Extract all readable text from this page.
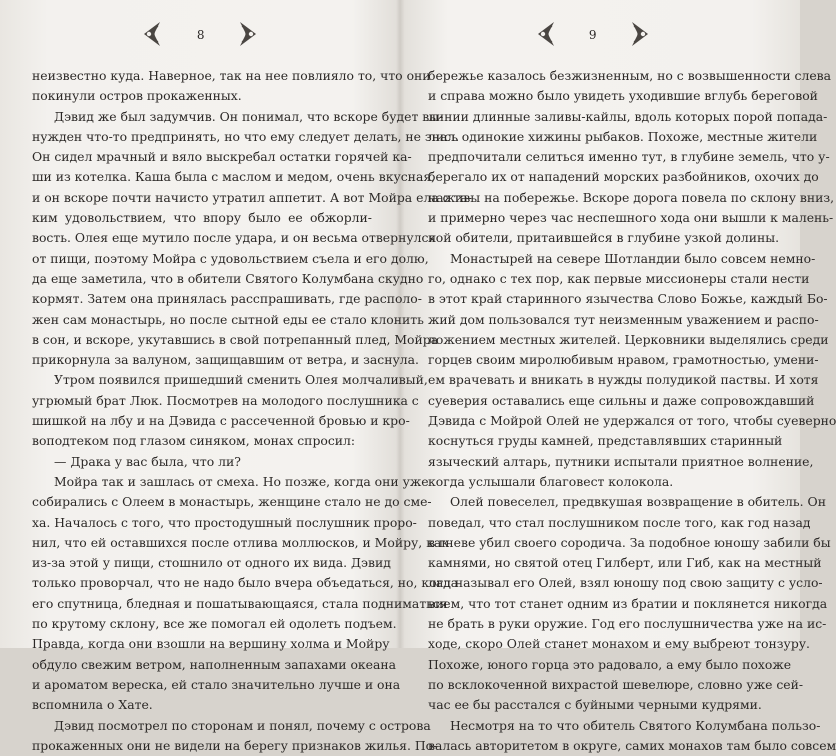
8
неизвестно куда. Наверное, так на нее повлияло то, что они
покинули остров прокаженных.
Дэвид же был задумчив. Он понимал, что вскоре будет вы-
нужден что-то предпринять, но что ему следует делать, не знал.
Он сидел мрачный и вяло выскребал остатки горячей ка-
ши из котелка. Каша была с маслом и медом, очень вкусная,
и он вскоре почти начисто утратил аппетит. А вот Мойра ела с та-
ким удовольствием, что впору было ее обжорли-
вость. Олея еще мутило после удара, и он весьма отвернулся
от пищи, поэтому Мойра с удовольствием съела и его долю,
да еще заметила, что в обители Святого Колумбана скудно
кормят. Затем она принялась расспрашивать, где располо-
жен сам монастырь, но после сытной еды ее стало клонить
в сон, и вскоре, укутавшись в свой потрепанный плед, Мойра
прикорнула за валуном, защищавшим от ветра, и заснула.
Утром появился пришедший сменить Олея молчаливый,
угрюмый брат Люк. Посмотрев на молодого послушника с
шишкой на лбу и на Дэвида с рассеченной бровью и кро-
воподтеком под глазом синяком, монах спросил:
— Драка у вас была, что ли?
Мойра так и зашлась от смеха. Но позже, когда они уже
собирались с Олеем в монастырь, женщине стало не до сме-
ха. Началось с того, что простодушный послушник проро-
нил, что ей оставшихся после отлива моллюсков, и Мойру, как
из-за этой у пищи, стошнило от одного их вида. Дэвид
только проворчал, что не надо было вчера объедаться, но, когда
его спутница, бледная и пошатывающаяся, стала подниматься
по крутому склону, все же помогал ей одолеть подъем.
Правда, когда они взошли на вершину холма и Мойру
обдуло свежим ветром, наполненным запахами океана
и ароматом вереска, ей стало значительно лучше и она
вспомнила о Хате.
Дэвид посмотрел по сторонам и понял, почему с острова
прокаженных они не видели на берегу признаков жилья. По-
9
бережье казалось безжизненным, но с возвышенности слева
и справа можно было увидеть уходившие вглубь береговой
линии длинные заливы-кайлы, вдоль которых порой попада-
лись одинокие хижины рыбаков. Похоже, местные жители
предпочитали селиться именно тут, в глубине земель, что у-
берегало их от нападений морских разбойников, охочих до
наживы на побережье. Вскоре дорога повела по склону вниз,
и примерно через час неспешного хода они вышли к малень-
кой обители, притаившейся в глубине узкой долины.
Монастырей на севере Шотландии было совсем немно-
го, однако с тех пор, как первые миссионеры стали нести
в этот край старинного язычества Слово Божье, каждый Бо-
жий дом пользовался тут неизменным уважением и распо-
ложением местных жителей. Церковники выделялись среди
горцев своим миролюбивым нравом, грамотностью, умени-
ем врачевать и вникать в нужды полудикой паствы. И хотя
суеверия оставались еще сильны и даже сопровождавший
Дэвида с Мойрой Олей не удержался от того, чтобы суеверно
коснуться груды камней, представлявших старинный
языческий алтарь, путники испытали приятное волнение,
когда услышали благовест колокола.
Олей повеселел, предвкушая возвращение в обитель. Он
поведал, что стал послушником после того, как год назад
в гневе убил своего сородича. За подобное юношу забили бы
камнями, но святой отец Гилберт, или Гиб, как на местный
лад называл его Олей, взял юношу под свою защиту с усло-
вием, что тот станет одним из братии и поклянется никогда
не брать в руки оружие. Год его послушничества уже на ис-
ходе, скоро Олей станет монахом и ему выбреют тонзуру.
Похоже, юного горца это радовало, а ему было похоже
по всклокоченной вихрастой шевелюре, словно уже сей-
час ее бы расстался с буйными черными кудрями.
Несмотря на то что обитель Святого Колумбана пользо-
валась авторитетом в округе, самих монахов там было совсем
